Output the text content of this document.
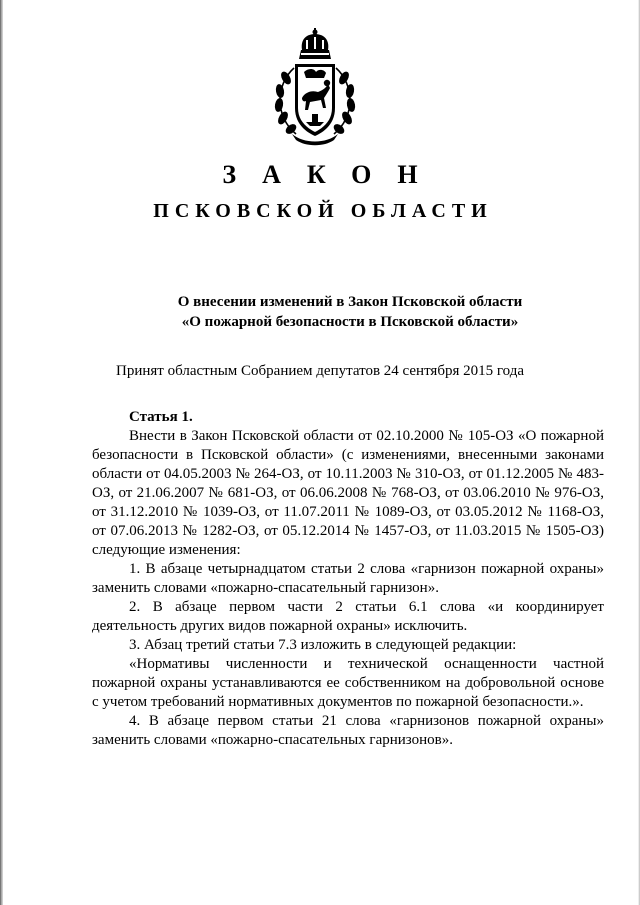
ЗАКОН
ПСКОВСКОЙ ОБЛАСТИ
О внесении изменений в Закон Псковской области
«О пожарной безопасности в Псковской области»
Принят областным Собранием депутатов 24 сентября 2015 года

Статья 1.

Внести в Закон Псковской области от 02.10.2000 № 105-ОЗ «О пожарной безопасности в Псковской области» (с изменениями, внесенными законами области от 04.05.2003 № 264-ОЗ, от 10.11.2003 № 310-ОЗ, от 01.12.2005 № 483-ОЗ, от 21.06.2007 № 681-ОЗ, от 06.06.2008 № 768-ОЗ, от 03.06.2010 № 976-ОЗ, от 31.12.2010 № 1039-ОЗ, от 11.07.2011 № 1089-ОЗ, от 03.05.2012 № 1168-ОЗ, от 07.06.2013 № 1282-ОЗ, от 05.12.2014 № 1457-ОЗ, от 11.03.2015 № 1505-ОЗ) следующие изменения:

1. В абзаце четырнадцатом статьи 2 слова «гарнизон пожарной охраны» заменить словами «пожарно-спасательный гарнизон».

2. В абзаце первом части 2 статьи 6.1 слова «и координирует деятельность других видов пожарной охраны» исключить.

3. Абзац третий статьи 7.3 изложить в следующей редакции:

«Нормативы численности и технической оснащенности частной пожарной охраны устанавливаются ее собственником на добровольной основе с учетом требований нормативных документов по пожарной безопасности.».

4. В абзаце первом статьи 21 слова «гарнизонов пожарной охраны» заменить словами «пожарно-спасательных гарнизонов».
